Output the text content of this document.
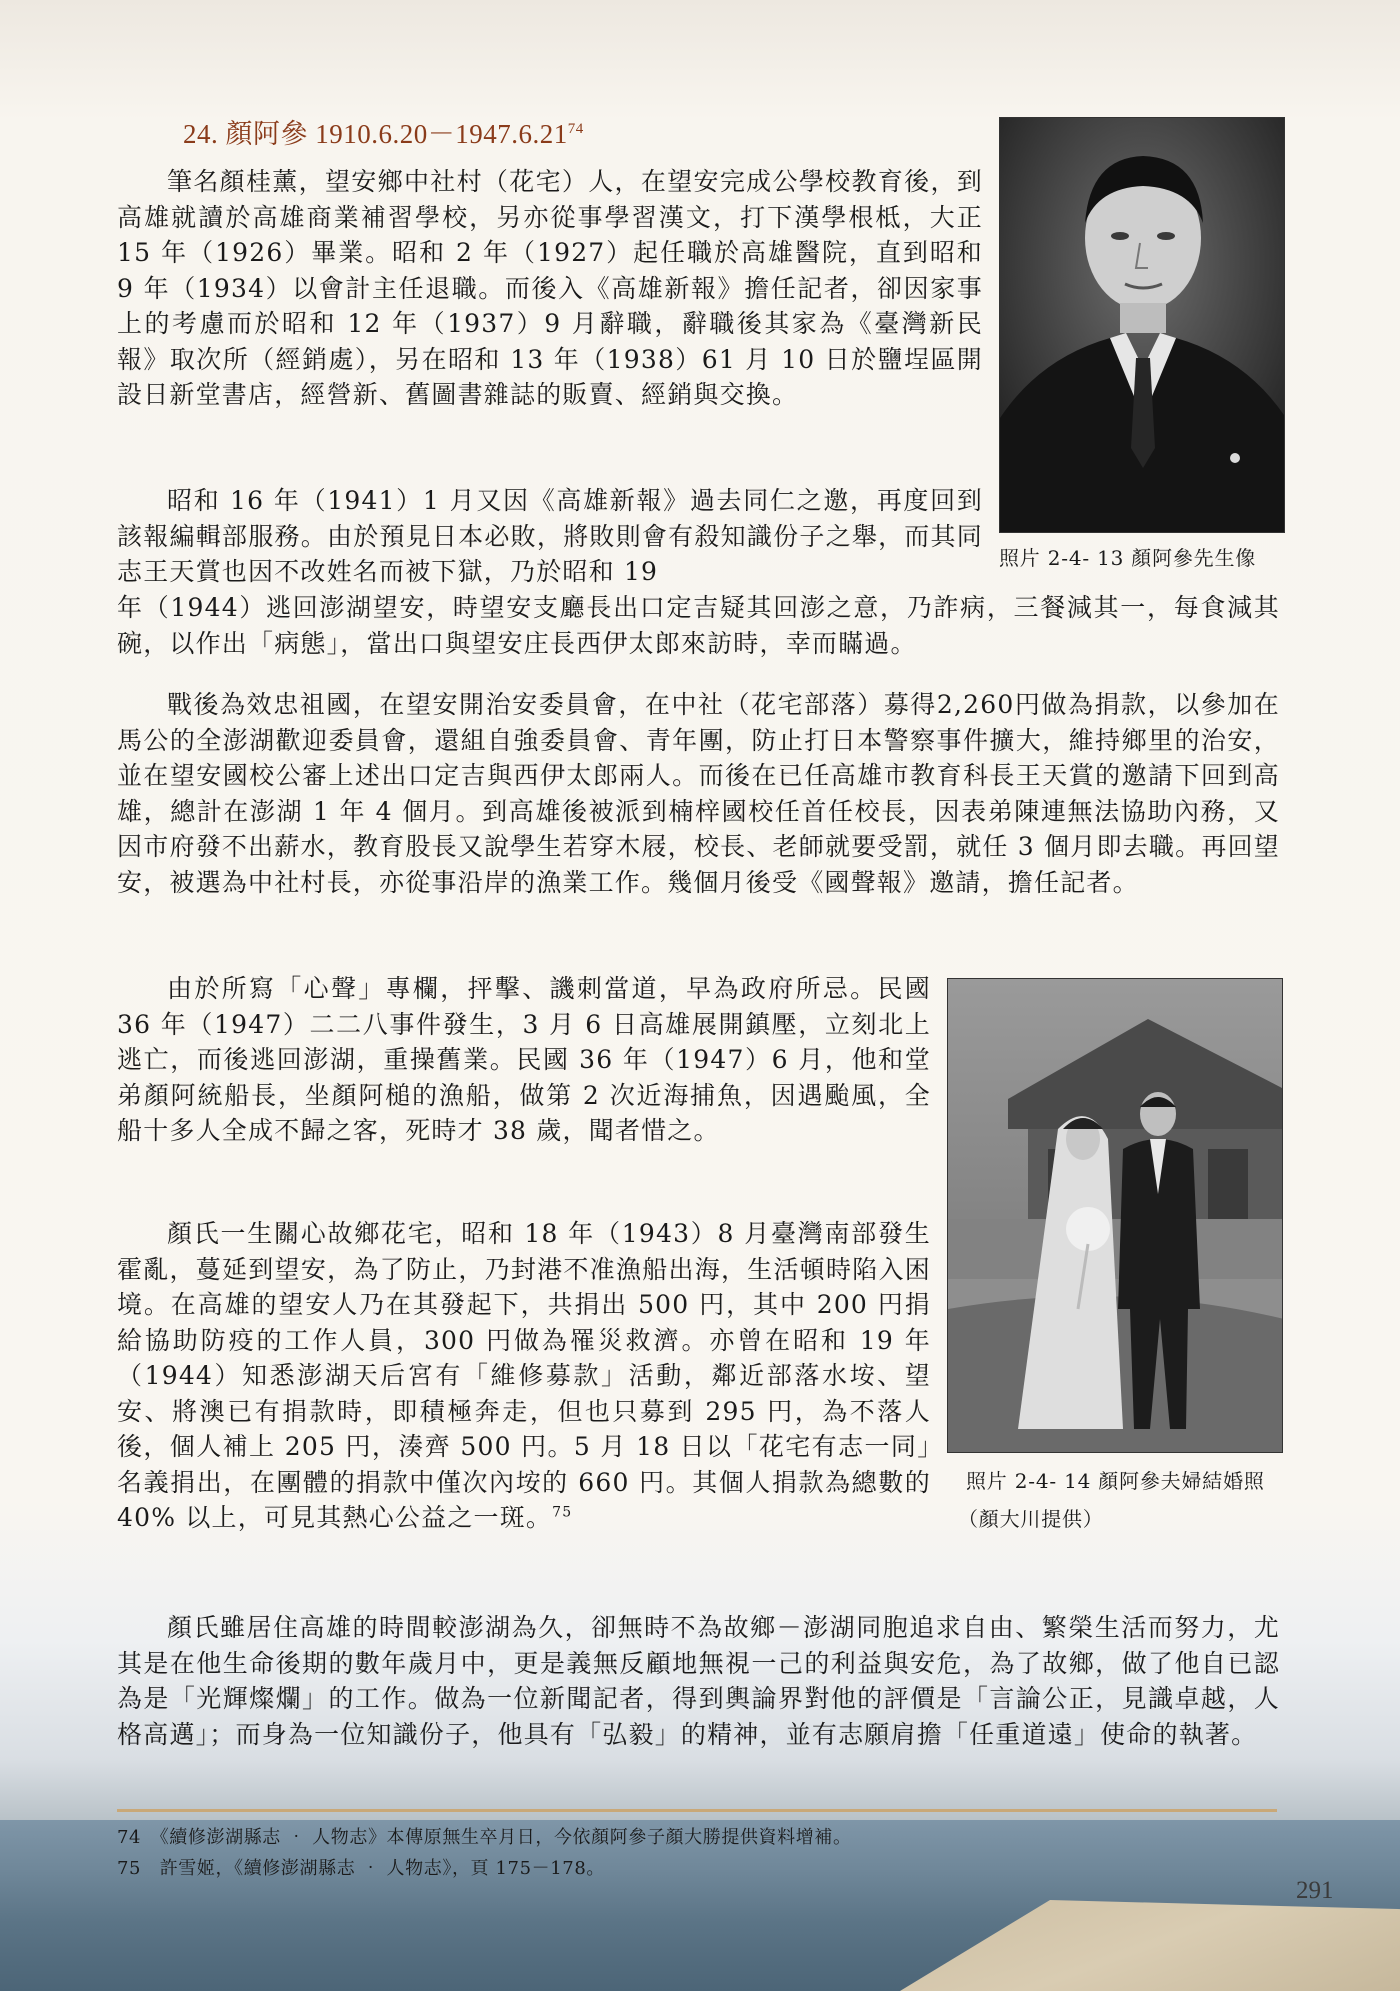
24. 顏阿參 $1910.6.20-1947.6.21^{74}$
筆名顏桂薰，望安鄉中社村（花宅）人，在望安完成公學校教育後，到高雄就讀於高雄商業補習學校，另亦從事學習漢文，打下漢學根柢，大正 15 年（1926）畢業。昭和 2 年（1927）起任職於高雄醫院，直到昭和 9 年（1934）以會計主任退職。而後入《高雄新報》擔任記者，卻因家事上的考慮而於昭和 12 年（1937）9 月辭職，辭職後其家為《臺灣新民報》取次所（經銷處），另在昭和 13 年（1938）61 月 10 日於鹽埕區開設日新堂書店，經營新、舊圖書雜誌的販賣、經銷與交換。
昭和 16 年（1941）1 月又因《高雄新報》過去同仁之邀，再度回到該報編輯部服務。由於預見日本必敗，將敗則會有殺知識份子之舉，而其同志王天賞也因不改姓名而被下獄，乃於昭和 19
年（1944）逃回澎湖望安，時望安支廳長出口定吉疑其回澎之意，乃詐病，三餐減其一，每食減其碗，以作出「病態」，當出口與望安庄長西伊太郎來訪時，幸而瞞過。
戰後為效忠祖國，在望安開治安委員會，在中社（花宅部落）募得2,260円做為捐款，以參加在馬公的全澎湖歡迎委員會，還組自強委員會、青年團，防止打日本警察事件擴大，維持鄉里的治安，並在望安國校公審上述出口定吉與西伊太郎兩人。而後在已任高雄市教育科長王天賞的邀請下回到高雄，總計在澎湖 1 年 4 個月。到高雄後被派到楠梓國校任首任校長，因表弟陳連無法協助內務，又因市府發不出薪水，教育股長又說學生若穿木屐，校長、老師就要受罰，就任 3 個月即去職。再回望安，被選為中社村長，亦從事沿岸的漁業工作。幾個月後受《國聲報》邀請，擔任記者。
由於所寫「心聲」專欄，抨擊、譏刺當道，早為政府所忌。民國 36 年（1947）二二八事件發生，3 月 6 日高雄展開鎮壓，立刻北上逃亡，而後逃回澎湖，重操舊業。民國 36 年（1947）6 月，他和堂弟顏阿統船長，坐顏阿槌的漁船，做第 2 次近海捕魚，因遇颱風，全船十多人全成不歸之客，死時才 38 歲，聞者惜之。
顏氏一生關心故鄉花宅，昭和 18 年（1943）8 月臺灣南部發生霍亂，蔓延到望安，為了防止，乃封港不准漁船出海，生活頓時陷入困境。在高雄的望安人乃在其發起下，共捐出 500 円，其中 200 円捐給協助防疫的工作人員，300 円做為罹災救濟。亦曾在昭和 19 年（1944）知悉澎湖天后宮有「維修募款」活動，鄰近部落水垵、望安、將澳已有捐款時，即積極奔走，但也只募到 295 円，為不落人後，個人補上 205 円，湊齊 500 円。5 月 18 日以「花宅有志一同」名義捐出，在團體的捐款中僅次內垵的 660 円。其個人捐款為總數的 40% 以上，可見其熱心公益之一斑。$^{75}$
顏氏雖居住高雄的時間較澎湖為久，卻無時不為故鄉－澎湖同胞追求自由、繁榮生活而努力，尤其是在他生命後期的數年歲月中，更是義無反顧地無視一己的利益與安危，為了故鄉，做了他自已認為是「光輝燦爛」的工作。做為一位新聞記者，得到輿論界對他的評價是「言論公正，見識卓越，人格高邁」；而身為一位知識份子，他具有「弘毅」的精神，並有志願肩擔「任重道遠」使命的執著。
照片 2-4- 13 顏阿參先生像
照片 2-4- 14 顏阿參夫婦結婚照
（顏大川提供）
74　《續修澎湖縣志 ‧ 人物志》本傳原無生卒月日，今依顏阿參子顏大勝提供資料增補。
75　許雪姬，《續修澎湖縣志 ‧ 人物志》，頁 175－178。
291
